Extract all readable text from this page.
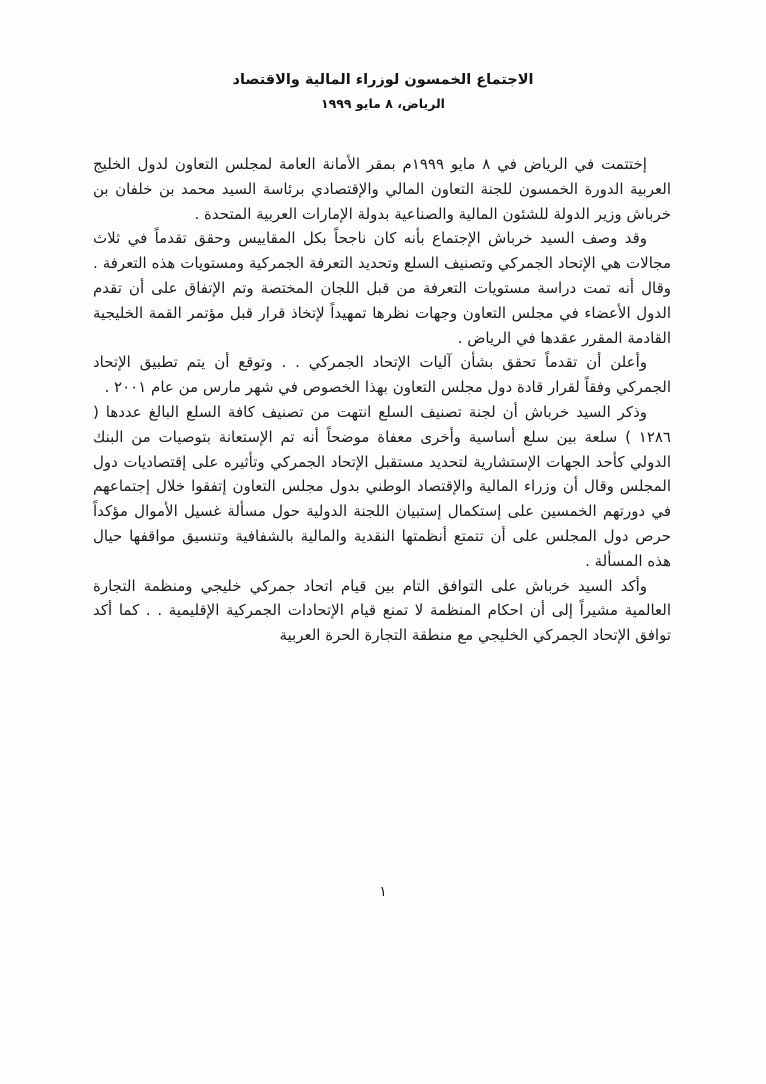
الاجتماع الخمسون لوزراء المالية والاقتصاد
الرياض، ٨ مايو ١٩٩٩

إختتمت في الرياض في ٨ مايو ١٩٩٩م بمقر الأمانة العامة لمجلس التعاون لدول الخليج العربية الدورة الخمسون للجنة التعاون المالي والإقتصادي برئاسة السيد محمد بن خلفان بن خرباش وزير الدولة للشئون المالية والصناعية بدولة الإمارات العربية المتحدة .

وقد وصف السيد خرباش الإجتماع بأنه كان ناجحاً بكل المقاييس وحقق تقدماً في ثلاث مجالات هي الإتحاد الجمركي وتصنيف السلع وتحديد التعرفة الجمركية ومستويات هذه التعرفة . وقال أنه تمت دراسة مستويات التعرفة من قبل اللجان المختصة وتم الإتفاق على أن تقدم الدول الأعضاء في مجلس التعاون وجهات نظرها تمهيداً لإتخاذ قرار قبل مؤتمر القمة الخليجية القادمة المقرر عقدها في الرياض .

وأعلن أن تقدماً تحقق بشأن آليات الإتحاد الجمركي . . وتوقع أن يتم تطبيق الإتحاد الجمركي وفقاً لقرار قادة دول مجلس التعاون بهذا الخصوص في شهر مارس من عام ٢٠٠١ .

وذكر السيد خرباش أن لجنة تصنيف السلع انتهت من تصنيف كافة السلع البالغ عددها ( ١٢٨٦ ) سلعة بين سلع أساسية وأخرى معفاة موضحاً أنه تم الإستعانة بتوصيات من البنك الدولي كأحد الجهات الإستشارية لتحديد مستقبل الإتحاد الجمركي وتأثيره على إقتصاديات دول المجلس وقال أن وزراء المالية والإقتصاد الوطني بدول مجلس التعاون إتفقوا خلال إجتماعهم في دورتهم الخمسين على إستكمال إستبيان اللجنة الدولية حول مسألة غسيل الأموال مؤكداً حرص دول المجلس على أن تتمتع أنظمتها النقدية والمالية بالشفافية وتنسيق مواقفها حيال هذه المسألة .

وأكد السيد خرباش على التوافق التام بين قيام اتحاد جمركي خليجي ومنظمة التجارة العالمية مشيراً إلى أن احكام المنظمة لا تمنع قيام الإتحادات الجمركية الإقليمية . . كما أكد توافق الإتحاد الجمركي الخليجي مع منطقة التجارة الحرة العربية

١
